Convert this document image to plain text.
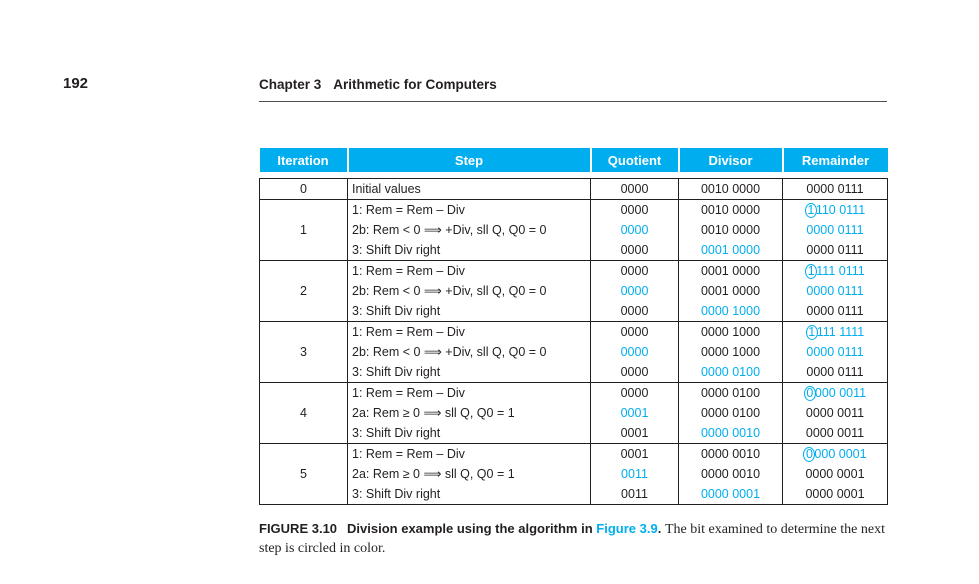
192	Chapter 3 Arithmetic for Computers
Iteration	Step	Quotient	Divisor	Remainder

0	Initial values	0000	0010 0000	0000 0111
1	1: Rem = Rem – Div	0000	0010 0000	1 110 0111
	2b: Rem < 0 ⟹ +Div, sll Q, Q0 = 0	0000	0010 0000	0000 0111
	3: Shift Div right	0000	0001 0000	0000 0111
2	1: Rem = Rem – Div	0000	0001 0000	1 111 0111
	2b: Rem < 0 ⟹ +Div, sll Q, Q0 = 0	0000	0001 0000	0000 0111
	3: Shift Div right	0000	0000 1000	0000 0111
3	1: Rem = Rem – Div	0000	0000 1000	1 111 1111
	2b: Rem < 0 ⟹ +Div, sll Q, Q0 = 0	0000	0000 1000	0000 0111
	3: Shift Div right	0000	0000 0100	0000 0111
4	1: Rem = Rem – Div	0000	0000 0100	0 000 0011
	2a: Rem ≥ 0 ⟹ sll Q, Q0 = 1	0001	0000 0100	0000 0011
	3: Shift Div right	0001	0000 0010	0000 0011
5	1: Rem = Rem – Div	0001	0000 0010	0 000 0001
	2a: Rem ≥ 0 ⟹ sll Q, Q0 = 1	0011	0000 0010	0000 0001
	3: Shift Div right	0011	0000 0001	0000 0001
FIGURE 3.10 Division example using the algorithm in Figure 3.9. The bit examined to determine the next step is circled in color.
